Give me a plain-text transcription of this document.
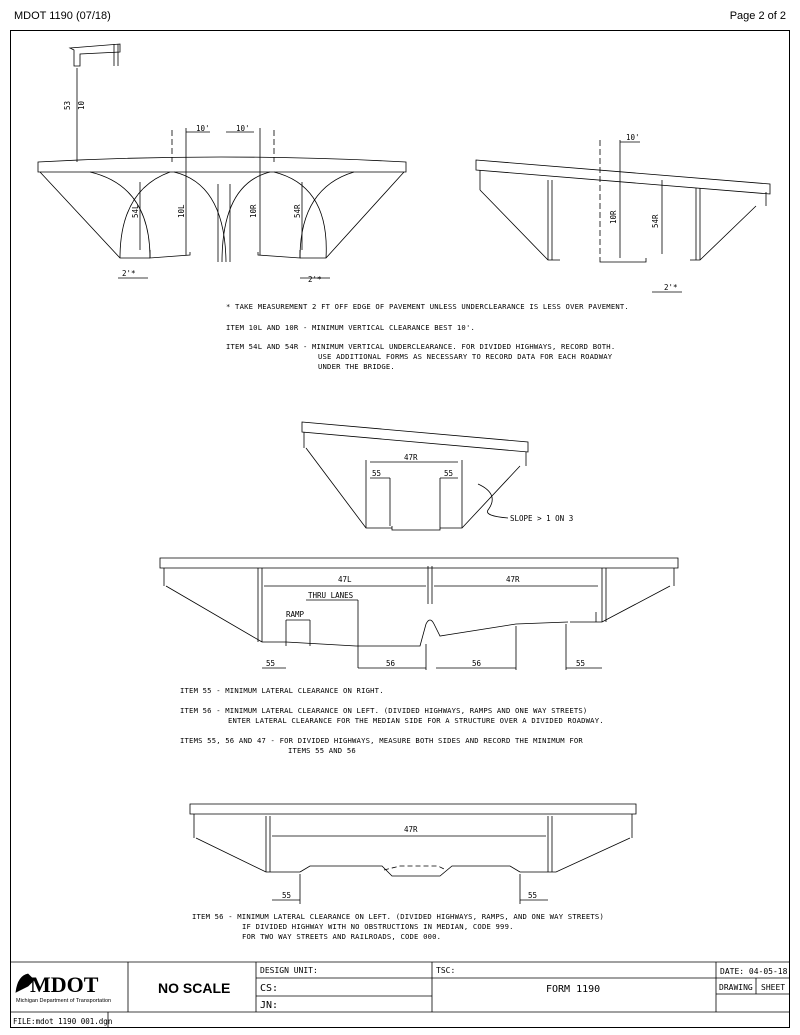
MDOT 1190 (07/18)	Page 2 of 2
53 10
10'	10'
54L	10L	10R	54R
2'*
2'*
10'
10R	54R
2'*
* TAKE MEASUREMENT 2 FT OFF EDGE OF PAVEMENT UNLESS UNDERCLEARANCE IS LESS OVER PAVEMENT.
ITEM 10L AND 10R - MINIMUM VERTICAL CLEARANCE BEST 10'.
ITEM 54L AND 54R - MINIMUM VERTICAL UNDERCLEARANCE. FOR DIVIDED HIGHWAYS, RECORD BOTH.
USE ADDITIONAL FORMS AS NECESSARY TO RECORD DATA FOR EACH ROADWAY
UNDER THE BRIDGE.
47R
55	55
SLOPE > 1 ON 3
47L	47R
THRU LANES
RAMP
55	56	56	55
ITEM 55 - MINIMUM LATERAL CLEARANCE ON RIGHT.
ITEM 56 - MINIMUM LATERAL CLEARANCE ON LEFT. (DIVIDED HIGHWAYS, RAMPS AND ONE WAY STREETS)
ENTER LATERAL CLEARANCE FOR THE MEDIAN SIDE FOR A STRUCTURE OVER A DIVIDED ROADWAY.
ITEMS 55, 56 AND 47 - FOR DIVIDED HIGHWAYS, MEASURE BOTH SIDES AND RECORD THE MINIMUM FOR
ITEMS 55 AND 56
47R
55	55
ITEM 56 - MINIMUM LATERAL CLEARANCE ON LEFT. (DIVIDED HIGHWAYS, RAMPS, AND ONE WAY STREETS)
IF DIVIDED HIGHWAY WITH NO OBSTRUCTIONS IN MEDIAN, CODE 999.
FOR TWO WAY STREETS AND RAILROADS, CODE 000.
MDOT
Michigan Department of Transportation
NO SCALE
DESIGN UNIT:	TSC:	DATE: 04-05-18
CS:	FORM 1190	DRAWING SHEET
JN:
FILE:mdot 1190 001.dgn
